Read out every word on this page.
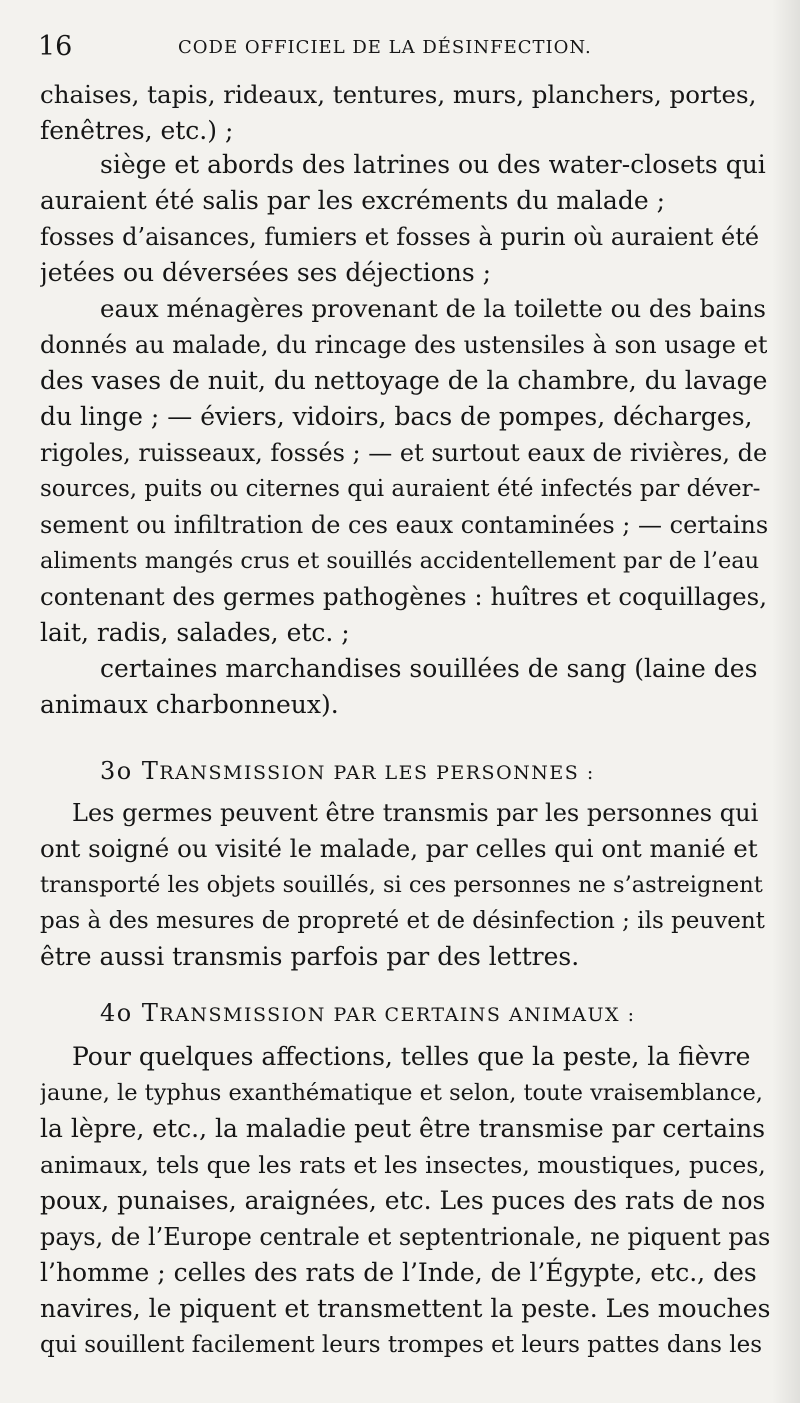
16	CODE OFFICIEL DE LA DÉSINFECTION.
chaises, tapis, rideaux, tentures, murs, planchers, portes,
fenêtres, etc.) ;
siège et abords des latrines ou des water-closets qui
auraient été salis par les excréments du malade ;
fosses d’aisances, fumiers et fosses à purin où auraient été
jetées ou déversées ses déjections ;
eaux ménagères provenant de la toilette ou des bains
donnés au malade, du rincage des ustensiles à son usage et
des vases de nuit, du nettoyage de la chambre, du lavage
du linge ; — éviers, vidoirs, bacs de pompes, décharges,
rigoles, ruisseaux, fossés ; — et surtout eaux de rivières, de
sources, puits ou citernes qui auraient été infectés par déver-
sement ou infiltration de ces eaux contaminées ; — certains
aliments mangés crus et souillés accidentellement par de l’eau
contenant des germes pathogènes : huîtres et coquillages,
lait, radis, salades, etc. ;
certaines marchandises souillées de sang (laine des
animaux charbonneux).
3o TRANSMISSION PAR LES PERSONNES :
Les germes peuvent être transmis par les personnes qui
ont soigné ou visité le malade, par celles qui ont manié et
transporté les objets souillés, si ces personnes ne s’astreignent
pas à des mesures de propreté et de désinfection ; ils peuvent
être aussi transmis parfois par des lettres.
4o TRANSMISSION PAR CERTAINS ANIMAUX :
Pour quelques affections, telles que la peste, la fièvre
jaune, le typhus exanthématique et selon, toute vraisemblance,
la lèpre, etc., la maladie peut être transmise par certains
animaux, tels que les rats et les insectes, moustiques, puces,
poux, punaises, araignées, etc. Les puces des rats de nos
pays, de l’Europe centrale et septentrionale, ne piquent pas
l’homme ; celles des rats de l’Inde, de l’Égypte, etc., des
navires, le piquent et transmettent la peste. Les mouches
qui souillent facilement leurs trompes et leurs pattes dans les
